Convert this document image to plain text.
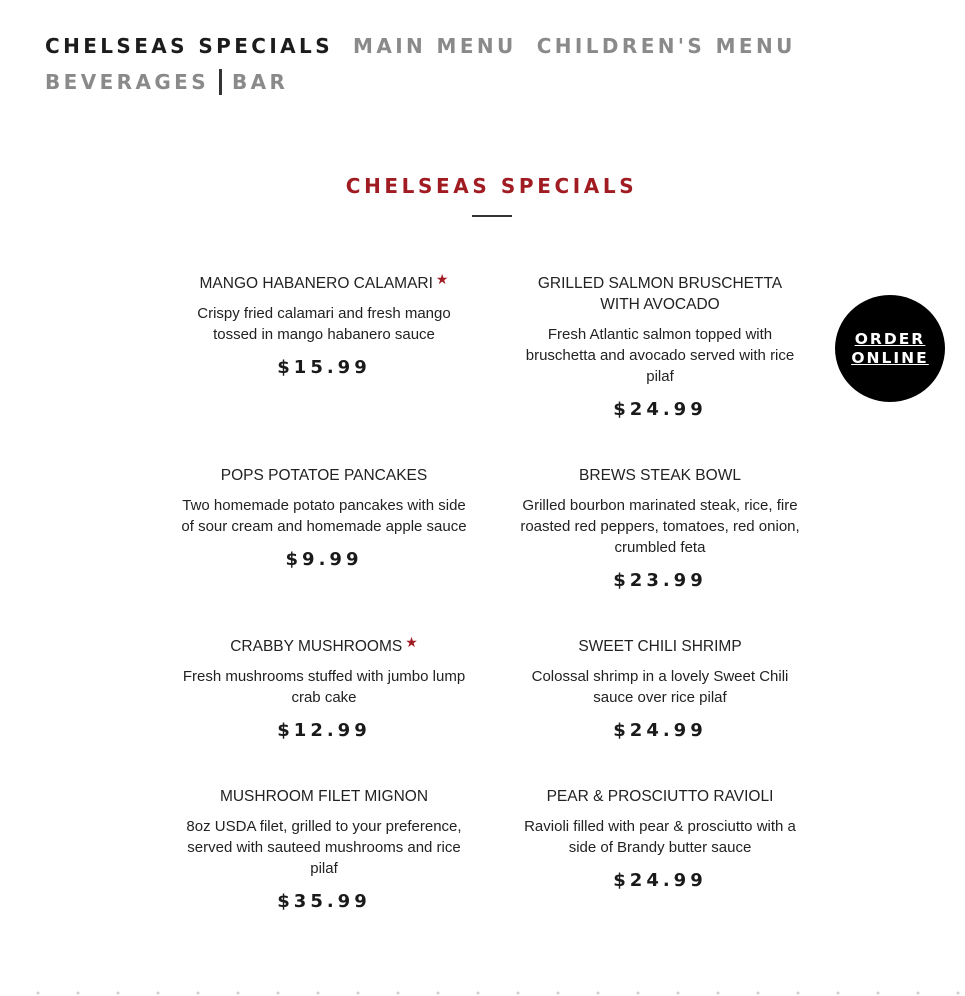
CHELSEAS SPECIALS MAIN MENU CHILDREN'S MENU
BEVERAGES BAR
CHELSEAS SPECIALS
MANGO HABANERO CALAMARI ★
Crispy fried calamari and fresh mango tossed in mango habanero sauce
$15.99
POPS POTATOE PANCAKES
Two homemade potato pancakes with side of sour cream and homemade apple sauce
$9.99
CRABBY MUSHROOMS ★
Fresh mushrooms stuffed with jumbo lump crab cake
$12.99
MUSHROOM FILET MIGNON
8oz USDA filet, grilled to your preference, served with sauteed mushrooms and rice pilaf
$35.99
GRILLED SALMON BRUSCHETTA WITH AVOCADO
Fresh Atlantic salmon topped with bruschetta and avocado served with rice pilaf
$24.99
BREWS STEAK BOWL
Grilled bourbon marinated steak, rice, fire roasted red peppers, tomatoes, red onion, crumbled feta
$23.99
SWEET CHILI SHRIMP
Colossal shrimp in a lovely Sweet Chili sauce over rice pilaf
$24.99
PEAR & PROSCIUTTO RAVIOLI
Ravioli filled with pear & prosciutto with a side of Brandy butter sauce
$24.99
ORDER
ONLINE
